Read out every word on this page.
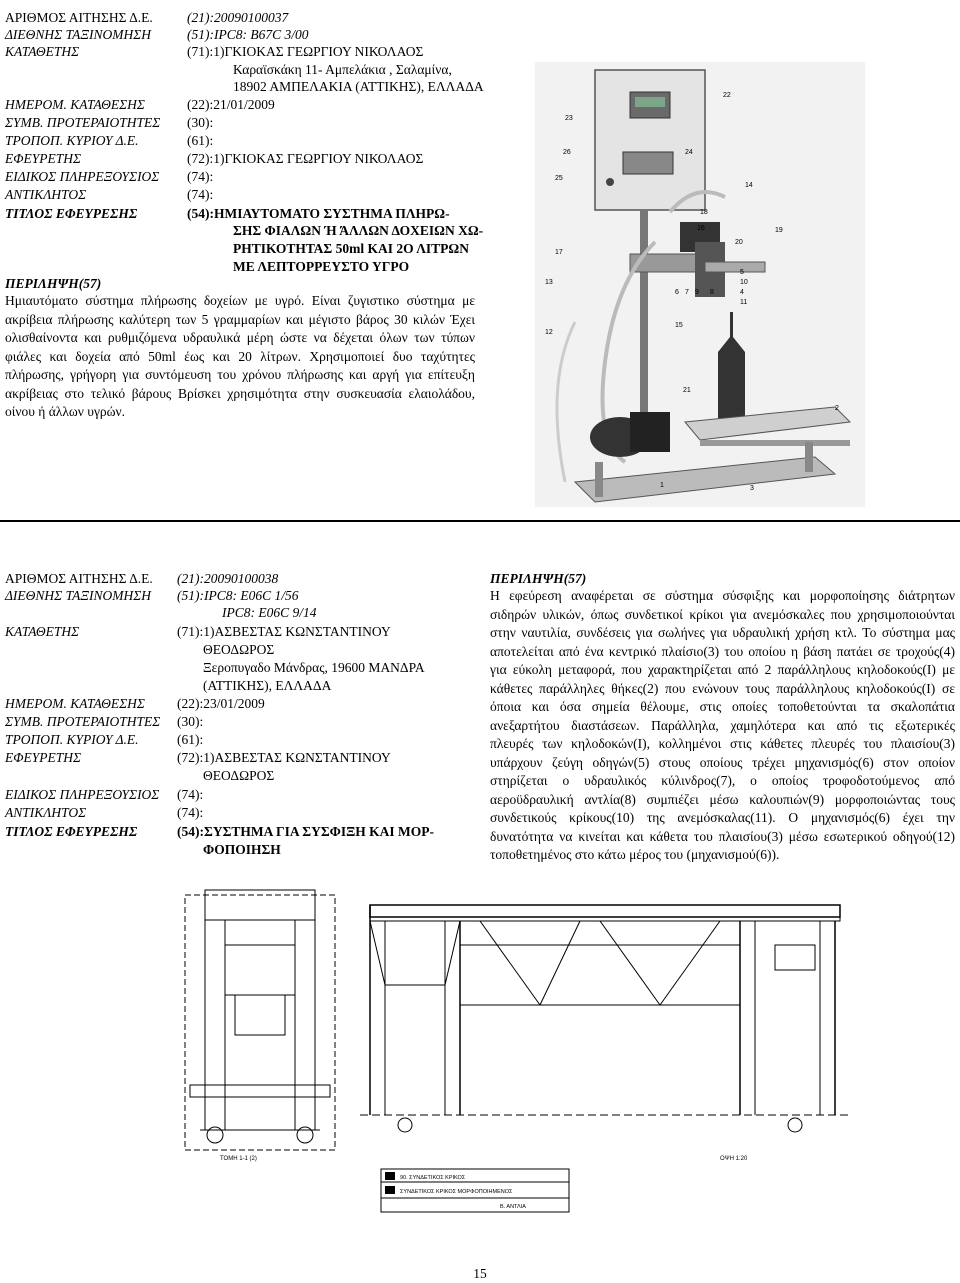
ΑΡΙΘΜΟΣ ΑΙΤΗΣΗΣ Δ.Ε.	(21):20090100037
ΔΙΕΘΝΗΣ ΤΑΞΙΝΟΜΗΣΗ	(51):IPC8: B67C 3/00
ΚΑΤΑΘΕΤΗΣ	(71):1)ΓΚΙΟΚΑΣ ΓΕΩΡΓΙΟΥ ΝΙΚΟΛΑΟΣ
Καραϊσκάκη 11- Αμπελάκια , Σαλαμίνα,
18902 ΑΜΠΕΛΑΚΙΑ (ΑΤΤΙΚΗΣ), ΕΛΛΑΔΑ
ΗΜΕΡΟΜ. ΚΑΤΑΘΕΣΗΣ	(22):21/01/2009
ΣΥΜΒ. ΠΡΟΤΕΡΑΙΟΤΗΤΕΣ (30):
ΤΡΟΠΟΠ. ΚΥΡΙΟΥ Δ.Ε.	(61):
ΕΦΕΥΡΕΤΗΣ	(72):1)ΓΚΙΟΚΑΣ ΓΕΩΡΓΙΟΥ ΝΙΚΟΛΑΟΣ
ΕΙΔΙΚΟΣ ΠΛΗΡΕΞΟΥΣΙΟΣ (74):
ΑΝΤΙΚΛΗΤΟΣ	(74):
ΤΙΤΛΟΣ ΕΦΕΥΡΕΣΗΣ	(54):ΗΜΙΑΥΤΟΜΑΤΟ ΣΥΣΤΗΜΑ ΠΛΗΡΩ-
ΣΗΣ ΦΙΑΛΩΝ Ή ΆΛΛΩΝ ΔΟΧΕΙΩΝ ΧΩ-
ΡΗΤΙΚΟΤΗΤΑΣ 50ml ΚΑΙ 2Ο ΛΙΤΡΩΝ
ΜΕ ΛΕΠΤΟΡΡΕΥΣΤΟ ΥΓΡΟ
ΠΕΡΙΛΗΨΗ(57)
Ημιαυτόματο σύστημα πλήρωσης δοχείων με υγρό. Είναι ζυγιστικο σύστημα με
ακρίβεια πλήρωσης καλύτερη των 5 γραμμαρίων και μέγιστο βάρος 30 κιλών Έχει
ολισθαίνοντα και ρυθμιζόμενα υδραυλικά μέρη ώστε να δέχεται όλων των τύπων
φιάλες και δοχεία από 50ml έως και 20 λίτρων. Χρησιμοποιεί δυο ταχύτητες
πλήρωσης, γρήγορη για συντόμευση του χρόνου πλήρωσης και αργή για επίτευξη
ακρίβειας στο τελικό βάρους Βρίσκει χρησιμότητα στην συσκευασία ελαιολάδου,
οίνου ή άλλων υγρών.
22
23
26
25
24
14
18
16	19
17
20
5
10
13
6 7 9 8	4
11
12
15
21
2
1	3
ΑΡΙΘΜΟΣ ΑΙΤΗΣΗΣ Δ.Ε. (21):20090100038
ΔΙΕΘΝΗΣ ΤΑΞΙΝΟΜΗΣΗ (51):IPC8: E06C 1/56
IPC8: E06C 9/14
ΚΑΤΑΘΕΤΗΣ	(71):1)ΑΣΒΕΣΤΑΣ ΚΩΝΣΤΑΝΤΙΝΟΥ
ΘΕΟΔΩΡΟΣ
Ξεροπυγαδο Μάνδρας, 19600 ΜΑΝΔΡΑ
(ΑΤΤΙΚΗΣ), ΕΛΛΑΔΑ
ΗΜΕΡΟΜ. ΚΑΤΑΘΕΣΗΣ (22):23/01/2009
ΣΥΜΒ. ΠΡΟΤΕΡΑΙΟΤΗΤΕΣ (30):
ΤΡΟΠΟΠ. ΚΥΡΙΟΥ Δ.Ε.	(61):
ΕΦΕΥΡΕΤΗΣ	(72):1)ΑΣΒΕΣΤΑΣ ΚΩΝΣΤΑΝΤΙΝΟΥ
ΘΕΟΔΩΡΟΣ
ΕΙΔΙΚΟΣ ΠΛΗΡΕΞΟΥΣΙΟΣ (74):
ΑΝΤΙΚΛΗΤΟΣ	(74):
ΤΙΤΛΟΣ ΕΦΕΥΡΕΣΗΣ	(54):ΣΥΣΤΗΜΑ ΓΙΑ ΣΥΣΦΙΞΗ ΚΑΙ ΜΟΡ-
ΦΟΠΟΙΗΣΗ
ΠΕΡΙΛΗΨΗ(57)
Η εφεύρεση αναφέρεται σε σύστημα σύσφιξης και μορφοποίησης διάτρητων
σιδηρών υλικών, όπως συνδετικοί κρίκοι για ανεμόσκαλες που χρησιμοποιούνται
στην ναυτιλία, συνδέσεις για σωλήνες για υδραυλική χρήση κτλ. Το σύστημα μας
αποτελείται από ένα κεντρικό πλαίσιο(3) του οποίου η βάση πατάει σε τροχούς(4)
για εύκολη μεταφορά, που χαρακτηρίζεται από 2 παράλληλους κηλοδοκούς(Ι) με
κάθετες παράλληλες θήκες(2) που ενώνουν τους παράλληλους κηλοδοκούς(Ι) σε
όποια και όσα σημεία θέλουμε, στις οποίες τοποθετούνται τα σκαλοπάτια
ανεξαρτήτου διαστάσεων. Παράλληλα, χαμηλότερα και από τις εξωτερικές
πλευρές των κηλοδοκών(Ι), κολλημένοι στις κάθετες πλευρές του πλαισίου(3)
υπάρχουν ζεύγη οδηγών(5) στους οποίους τρέχει μηχανισμός(6) στον οποίον
στηρίζεται ο υδραυλικός κύλινδρος(7), ο οποίος τροφοδοτούμενος από
αεροϋδραυλική αντλία(8) συμπιέζει μέσω καλουπιών(9) μορφοποιώντας τους
συνδετικούς κρίκους(10) της ανεμόσκαλας(11). Ο μηχανισμός(6) έχει την
δυνατότητα να κινείται και κάθετα του πλαισίου(3) μέσω εσωτερικού οδηγού(12)
τοποθετημένος στο κάτω μέρος του (μηχανισμού(6)).
ΤΟΜΗ 1-1 (2)	ΟΨΗ 1:20
90. ΣΥΝΔΕΤΙΚΟΣ ΚΡΙΚΟΣ
ΣΥΝΔΕΤΙΚΟΣ ΚΡΙΚΟΣ ΜΟΡΦΟΠΟΙΗΜΕΝΟΣ
Β. ΑΝΤΛΙΑ
15
